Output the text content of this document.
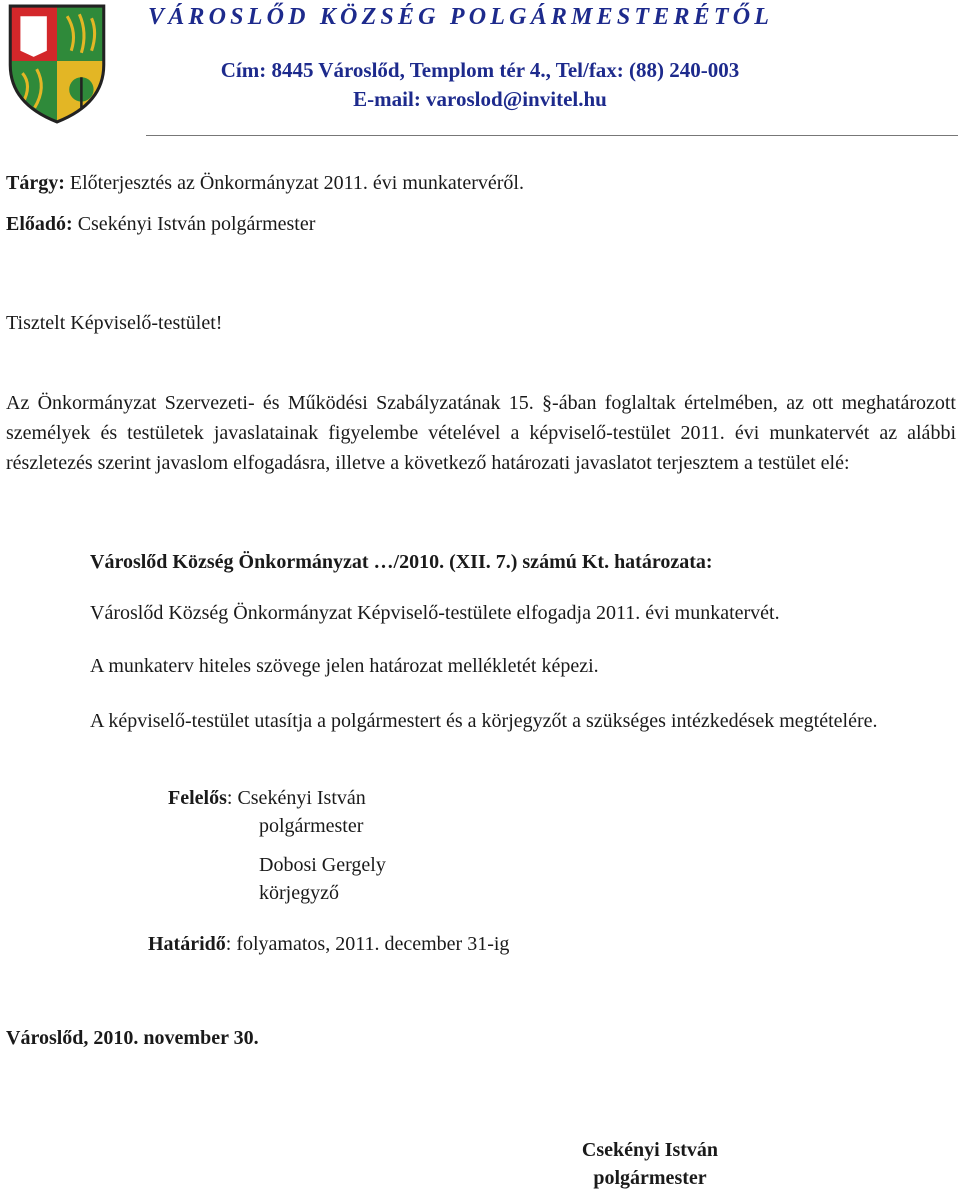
VÁROSLŐD KÖZSÉG POLGÁRMESTERÉTŐL
Cím: 8445 Városlőd, Templom tér 4., Tel/fax: (88) 240-003
E-mail: varoslod@invitel.hu
Tárgy: Előterjesztés az Önkormányzat 2011. évi munkatervéről.
Előadó: Csekényi István polgármester
Tisztelt Képviselő-testület!
Az Önkormányzat Szervezeti- és Működési Szabályzatának 15. §-ában foglaltak értelmében, az ott meghatározott személyek és testületek javaslatainak figyelembe vételével a képviselő-testület 2011. évi munkatervét az alábbi részletezés szerint javaslom elfogadásra, illetve a következő határozati javaslatot terjesztem a testület elé:
Városlőd Község Önkormányzat …/2010. (XII. 7.) számú Kt. határozata:
Városlőd Község Önkormányzat Képviselő-testülete elfogadja 2011. évi munkatervét.
A munkaterv hiteles szövege jelen határozat mellékletét képezi.
A képviselő-testület utasítja a polgármestert és a körjegyzőt a szükséges intézkedések megtételére.
Felelős: Csekényi István
polgármester
Dobosi Gergely
körjegyző
Határidő: folyamatos, 2011. december 31-ig
Városlőd, 2010. november 30.
Csekényi István
polgármester
